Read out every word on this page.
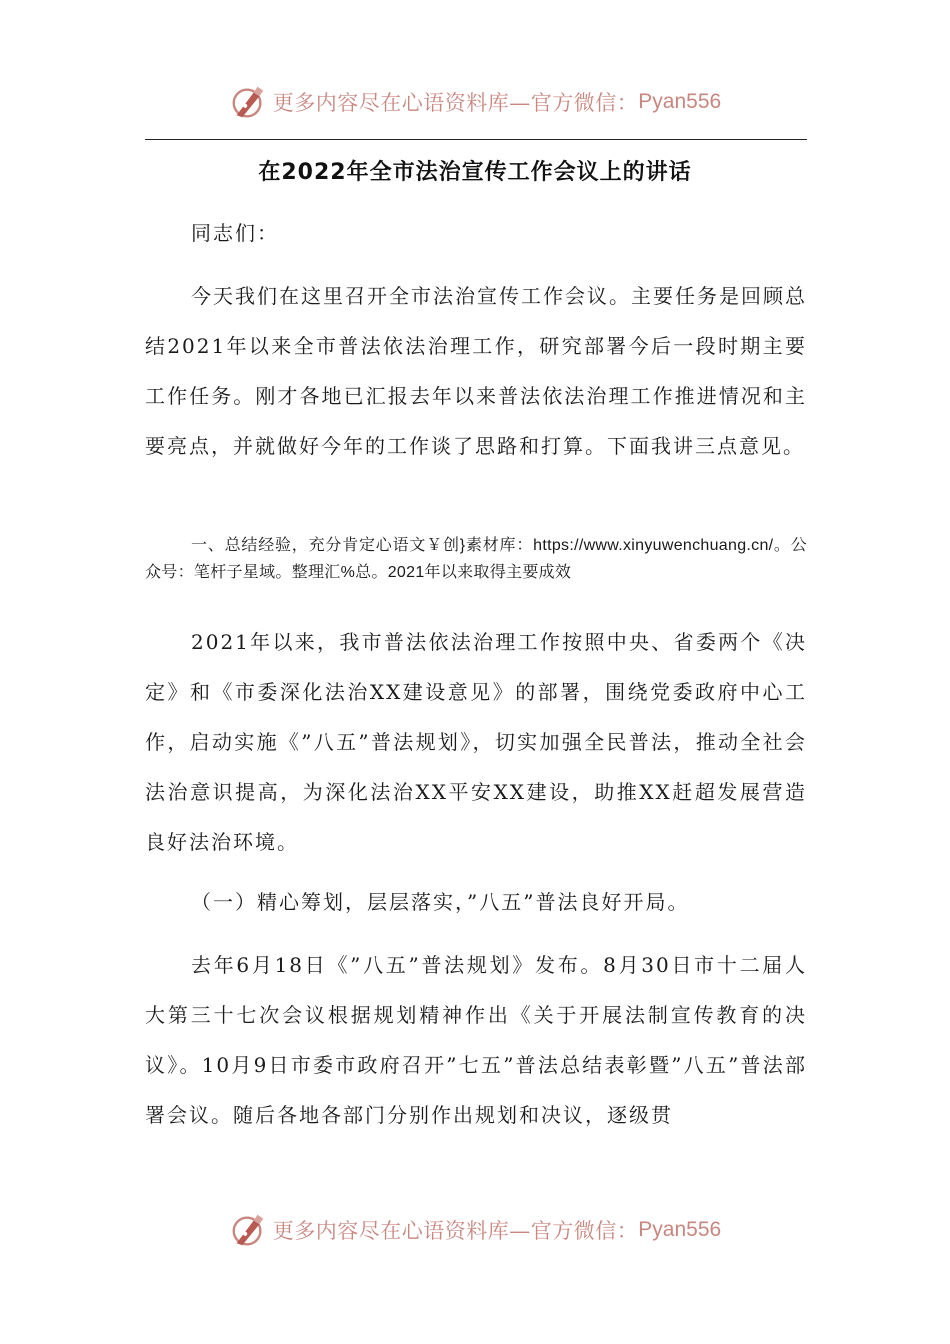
更多内容尽在心语资料库—官方微信： Pyan556
在2022年全市法治宣传工作会议上的讲话

同志们：

今天我们在这里召开全市法治宣传工作会议。主要任务是回顾总结2021年以来全市普法依法治理工作，研究部署今后一段时期主要工作任务。刚才各地已汇报去年以来普法依法治理工作推进情况和主要亮点，并就做好今年的工作谈了思路和打算。下面我讲三点意见。

一、总结经验，充分肯定心语文￥创}素材库：https://www.xinyuwenchuang.cn/。公众号：笔杆子星域。整理汇%总。2021年以来取得主要成效

2021年以来，我市普法依法治理工作按照中央、省委两个《决定》和《市委深化法治XX建设意见》的部署，围绕党委政府中心工作，启动实施《”八五”普法规划》，切实加强全民普法，推动全社会法治意识提高，为深化法治XX平安XX建设，助推XX赶超发展营造良好法治环境。

（一）精心筹划，层层落实，”八五”普法良好开局。

去年6月18日《”八五”普法规划》发布。8月30日市十二届人大第三十七次会议根据规划精神作出《关于开展法制宣传教育的决议》。10月9日市委市政府召开”七五”普法总结表彰暨”八五”普法部署会议。随后各地各部门分别作出规划和决议，逐级贯

更多内容尽在心语资料库—官方微信： Pyan556
